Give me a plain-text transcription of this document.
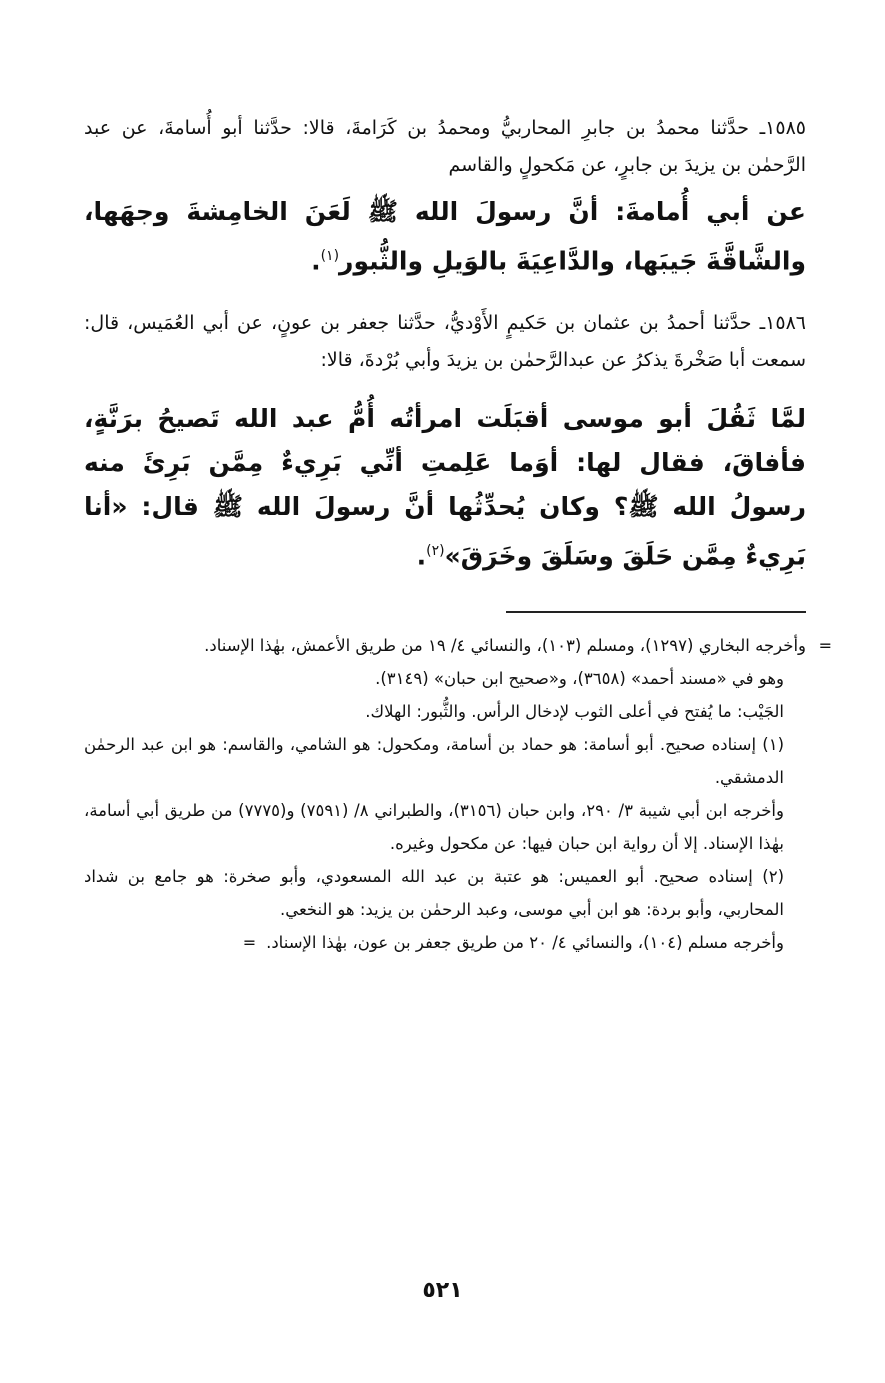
١٥٨٥ـ حدَّثنا محمدُ بن جابرِ المحاربيُّ ومحمدُ بن كَرَامةَ، قالا: حدَّثنا أبو أُسامةَ، عن عبد الرَّحمٰن بن يزيدَ بن جابرٍ، عن مَكحولٍ والقاسم

عن أبي أُمامةَ: أنَّ رسولَ الله ﷺ لَعَنَ الخامِشةَ وجهَها، والشَّاقَّةَ جَيبَها، والدَّاعِيَةَ بالوَيلِ والثُّبور$^{(١)}$.

١٥٨٦ـ حدَّثنا أحمدُ بن عثمان بن حَكيمٍ الأَوْديُّ، حدَّثنا جعفر بن عونٍ، عن أبي العُمَيس، قال: سمعت أبا صَخْرةَ يذكرُ عن عبدالرَّحمٰن بن يزيدَ وأبي بُرْدةَ، قالا:

لمَّا ثَقُلَ أبو موسى أقبَلَت امرأتُه أُمُّ عبد الله تَصيحُ برَنَّةٍ، فأفاقَ، فقال لها: أوَما عَلِمتِ أنِّي بَرِيءٌ مِمَّن بَرِئَ منه رسولُ الله ﷺ؟ وكان يُحدِّثُها أنَّ رسولَ الله ﷺ قال: «أنا بَرِيءٌ مِمَّن حَلَقَ وسَلَقَ وخَرَقَ»$^{(٢)}$.

=
وأخرجه البخاري (١٢٩٧)، ومسلم (١٠٣)، والنسائي ٤/ ١٩ من طريق الأعمش، بهٰذا الإسناد.

وهو في «مسند أحمد» (٣٦٥٨)، و«صحيح ابن حبان» (٣١٤٩).

الجَيْب: ما يُفتح في أعلى الثوب لإدخال الرأس. والثُّبور: الهلاك.

(١) إسناده صحيح. أبو أسامة: هو حماد بن أسامة، ومكحول: هو الشامي، والقاسم: هو ابن عبد الرحمٰن الدمشقي.

وأخرجه ابن أبي شيبة ٣/ ٢٩٠، وابن حبان (٣١٥٦)، والطبراني ٨/ (٧٥٩١) و(٧٧٧٥) من طريق أبي أسامة، بهٰذا الإسناد. إلا أن رواية ابن حبان فيها: عن مكحول وغيره.

(٢) إسناده صحيح. أبو العميس: هو عتبة بن عبد الله المسعودي، وأبو صخرة: هو جامع بن شداد المحاربي، وأبو بردة: هو ابن أبي موسى، وعبد الرحمٰن بن يزيد: هو النخعي.

وأخرجه مسلم (١٠٤)، والنسائي ٤/ ٢٠ من طريق جعفر بن عون، بهٰذا الإسناد.=

٥٢١
